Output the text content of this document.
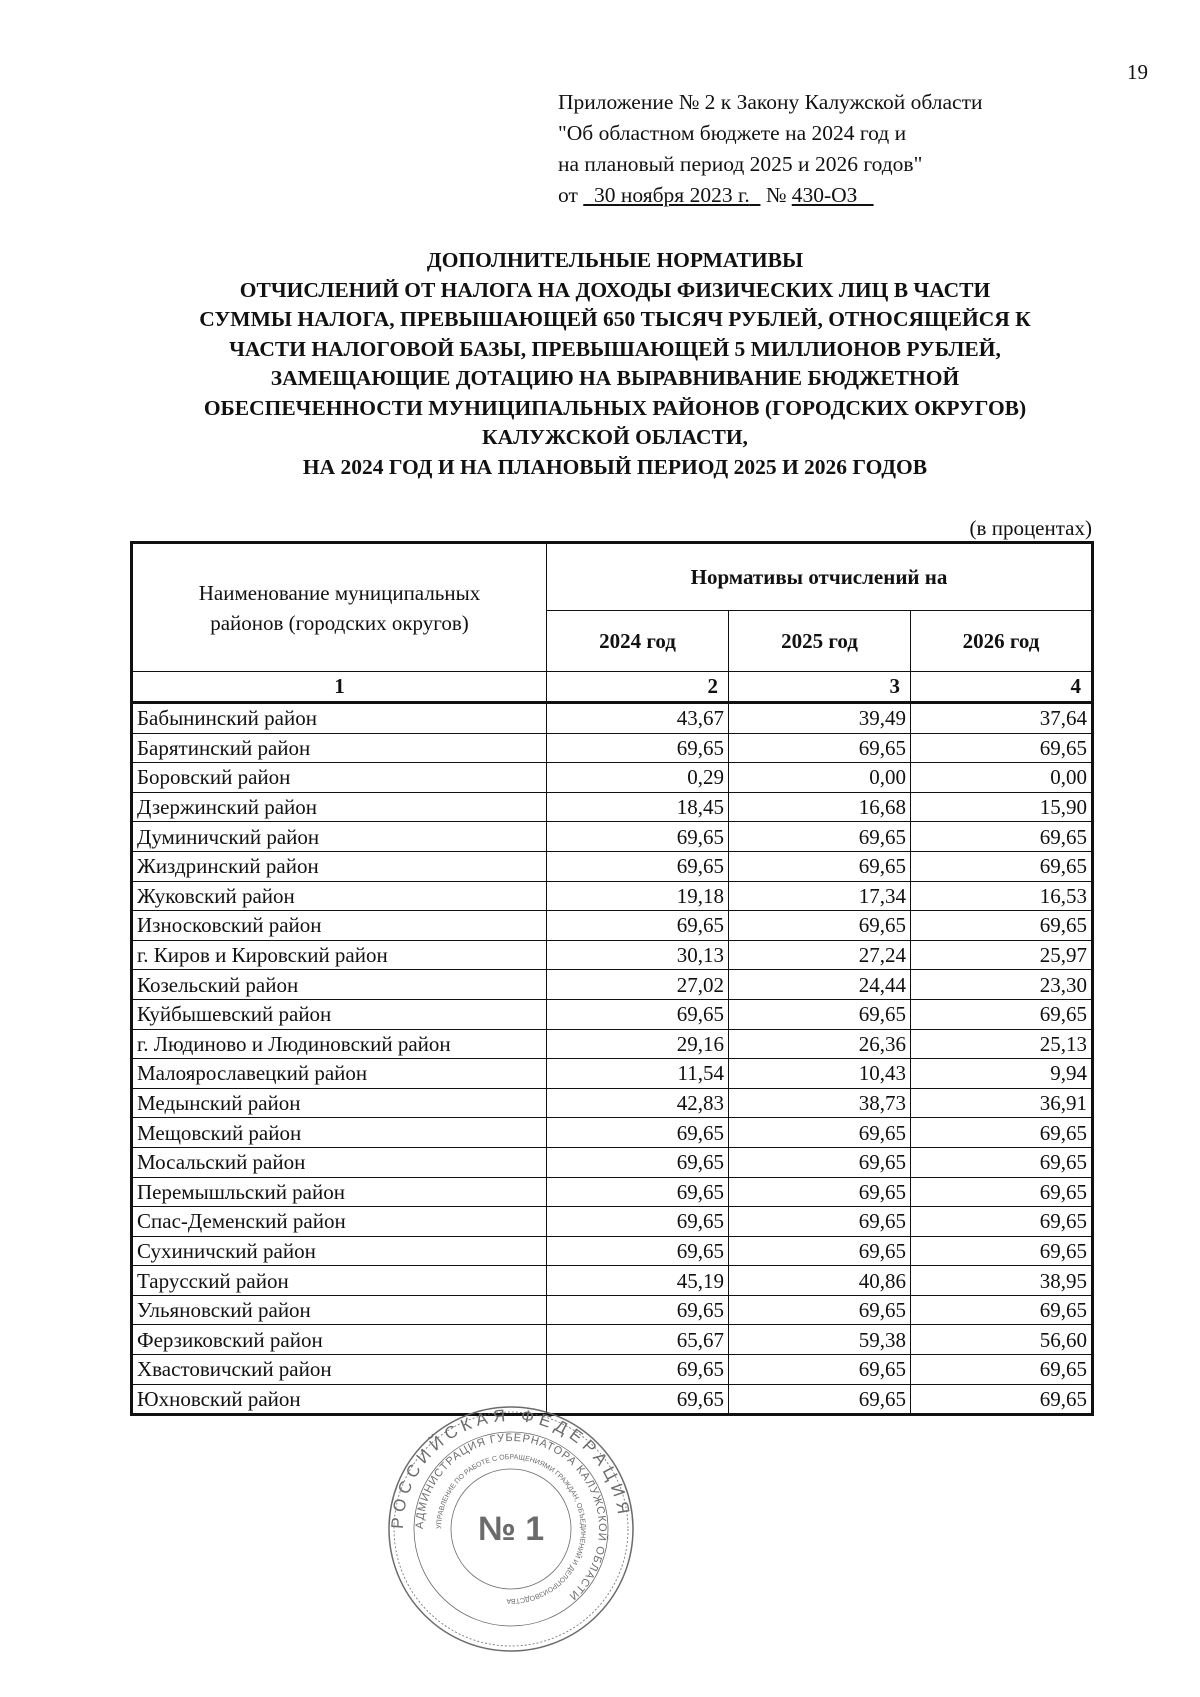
19
Приложение № 2 к Закону Калужской области
"Об областном бюджете на 2024 год и
на плановый период 2025 и 2026 годов"
от 30 ноября 2023 г. № 430-ОЗ
ДОПОЛНИТЕЛЬНЫЕ НОРМАТИВЫ
ОТЧИСЛЕНИЙ ОТ НАЛОГА НА ДОХОДЫ ФИЗИЧЕСКИХ ЛИЦ В ЧАСТИ
СУММЫ НАЛОГА, ПРЕВЫШАЮЩЕЙ 650 ТЫСЯЧ РУБЛЕЙ, ОТНОСЯЩЕЙСЯ К
ЧАСТИ НАЛОГОВОЙ БАЗЫ, ПРЕВЫШАЮЩЕЙ 5 МИЛЛИОНОВ РУБЛЕЙ,
ЗАМЕЩАЮЩИЕ ДОТАЦИЮ НА ВЫРАВНИВАНИЕ БЮДЖЕТНОЙ
ОБЕСПЕЧЕННОСТИ МУНИЦИПАЛЬНЫХ РАЙОНОВ (ГОРОДСКИХ ОКРУГОВ)
КАЛУЖСКОЙ ОБЛАСТИ,
НА 2024 ГОД И НА ПЛАНОВЫЙ ПЕРИОД 2025 И 2026 ГОДОВ
(в процентах)
Наименование муниципальных
районов (городских округов)	Нормативы отчислений на		
	2024 год	2025 год	2026 год
1	2	3	4
Бабынинский район	43,67	39,49	37,64
Барятинский район	69,65	69,65	69,65
Боровский район	0,29	0,00	0,00
Дзержинский район	18,45	16,68	15,90
Думиничский район	69,65	69,65	69,65
Жиздринский район	69,65	69,65	69,65
Жуковский район	19,18	17,34	16,53
Износковский район	69,65	69,65	69,65
г. Киров и Кировский район	30,13	27,24	25,97
Козельский район	27,02	24,44	23,30
Куйбышевский район	69,65	69,65	69,65
г. Людиново и Людиновский район	29,16	26,36	25,13
Малоярославецкий район	11,54	10,43	9,94
Медынский район	42,83	38,73	36,91
Мещовский район	69,65	69,65	69,65
Мосальский район	69,65	69,65	69,65
Перемышльский район	69,65	69,65	69,65
Спас-Деменский район	69,65	69,65	69,65
Сухиничский район	69,65	69,65	69,65
Тарусский район	45,19	40,86	38,95
Ульяновский район	69,65	69,65	69,65
Ферзиковский район	65,67	59,38	56,60
Хвастовичский район	69,65	69,65	69,65
Юхновский район	69,65	69,65	69,65
РОССИЙСКАЯ ФЕДЕРАЦИЯ
АДМИНИСТРАЦИЯ ГУБЕРНАТОРА КАЛУЖСКОЙ ОБЛАСТИ
УПРАВЛЕНИЕ ПО РАБОТЕ С ОБРАЩЕНИЯМИ ГРАЖДАН, ОБЪЕДИНЕНИЙ И ДЕЛОПРОИЗВОДСТВА
№ 1
